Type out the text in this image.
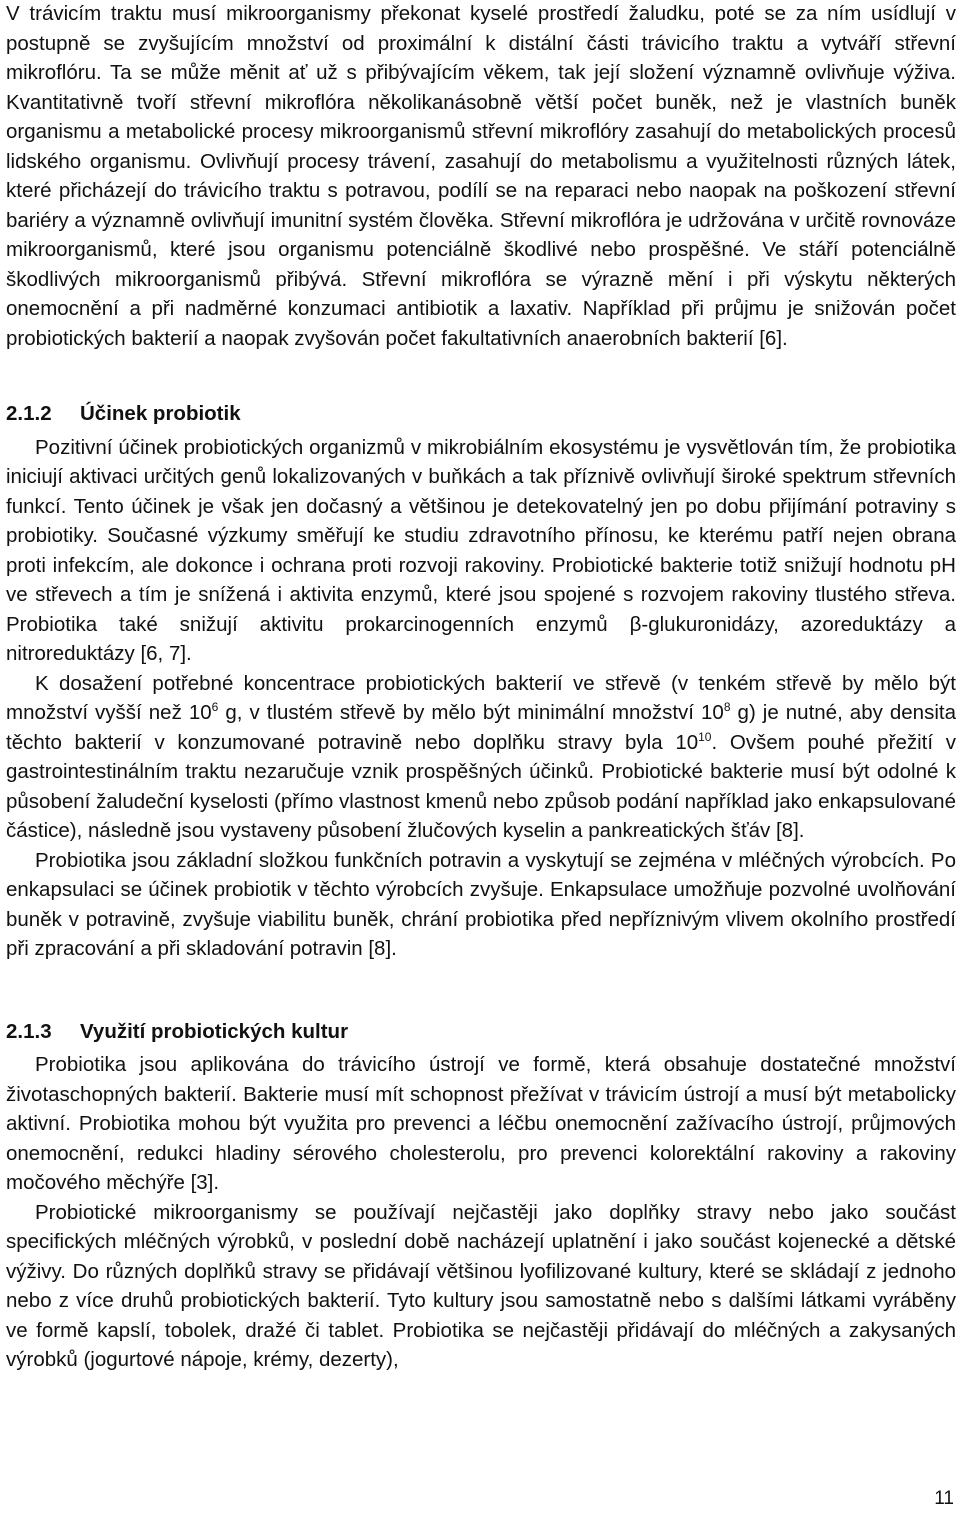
V trávicím traktu musí mikroorganismy překonat kyselé prostředí žaludku, poté se za ním usídlují v postupně se zvyšujícím množství od proximální k distální části trávicího traktu a vytváří střevní mikroflóru. Ta se může měnit ať už s přibývajícím věkem, tak její složení významně ovlivňuje výživa. Kvantitativně tvoří střevní mikroflóra několikanásobně větší počet buněk, než je vlastních buněk organismu a metabolické procesy mikroorganismů střevní mikroflóry zasahují do metabolických procesů lidského organismu. Ovlivňují procesy trávení, zasahují do metabolismu a využitelnosti různých látek, které přicházejí do trávicího traktu s potravou, podílí se na reparaci nebo naopak na poškození střevní bariéry a významně ovlivňují imunitní systém člověka. Střevní mikroflóra je udržována v určitě rovnováze mikroorganismů, které jsou organismu potenciálně škodlivé nebo prospěšné. Ve stáří potenciálně škodlivých mikroorganismů přibývá. Střevní mikroflóra se výrazně mění i při výskytu některých onemocnění a při nadměrné konzumaci antibiotik a laxativ. Například při průjmu je snižován počet probiotických bakterií a naopak zvyšován počet fakultativních anaerobních bakterií [6].

2.1.2 Účinek probiotik

Pozitivní účinek probiotických organizmů v mikrobiálním ekosystému je vysvětlován tím, že probiotika iniciují aktivaci určitých genů lokalizovaných v buňkách a tak příznivě ovlivňují široké spektrum střevních funkcí. Tento účinek je však jen dočasný a většinou je detekovatelný jen po dobu přijímání potraviny s probiotiky. Současné výzkumy směřují ke studiu zdravotního přínosu, ke kterému patří nejen obrana proti infekcím, ale dokonce i ochrana proti rozvoji rakoviny. Probiotické bakterie totiž snižují hodnotu pH ve střevech a tím je snížená i aktivita enzymů, které jsou spojené s rozvojem rakoviny tlustého střeva. Probiotika také snižují aktivitu prokarcinogenních enzymů β-glukuronidázy, azoreduktázy a nitroreduktázy [6, 7].

K dosažení potřebné koncentrace probiotických bakterií ve střevě (v tenkém střevě by mělo být množství vyšší než $10^6$ g, v tlustém střevě by mělo být minimální množství $10^8$ g) je nutné, aby densita těchto bakterií v konzumované potravině nebo doplňku stravy byla $10^{10}$. Ovšem pouhé přežití v gastrointestinálním traktu nezaručuje vznik prospěšných účinků. Probiotické bakterie musí být odolné k působení žaludeční kyselosti (přímo vlastnost kmenů nebo způsob podání například jako enkapsulované částice), následně jsou vystaveny působení žlučových kyselin a pankreatických šťáv [8].

Probiotika jsou základní složkou funkčních potravin a vyskytují se zejména v mléčných výrobcích. Po enkapsulaci se účinek probiotik v těchto výrobcích zvyšuje. Enkapsulace umožňuje pozvolné uvolňování buněk v potravině, zvyšuje viabilitu buněk, chrání probiotika před nepříznivým vlivem okolního prostředí při zpracování a při skladování potravin [8].

2.1.3 Využití probiotických kultur

Probiotika jsou aplikována do trávicího ústrojí ve formě, která obsahuje dostatečné množství životaschopných bakterií. Bakterie musí mít schopnost přežívat v trávicím ústrojí a musí být metabolicky aktivní. Probiotika mohou být využita pro prevenci a léčbu onemocnění zažívacího ústrojí, průjmových onemocnění, redukci hladiny sérového cholesterolu, pro prevenci kolorektální rakoviny a rakoviny močového měchýře [3].

Probiotické mikroorganismy se používají nejčastěji jako doplňky stravy nebo jako součást specifických mléčných výrobků, v poslední době nacházejí uplatnění i jako součást kojenecké a dětské výživy. Do různých doplňků stravy se přidávají většinou lyofilizované kultury, které se skládají z jednoho nebo z více druhů probiotických bakterií. Tyto kultury jsou samostatně nebo s dalšími látkami vyráběny ve formě kapslí, tobolek, dražé či tablet. Probiotika se nejčastěji přidávají do mléčných a zakysaných výrobků (jogurtové nápoje, krémy, dezerty),

11
